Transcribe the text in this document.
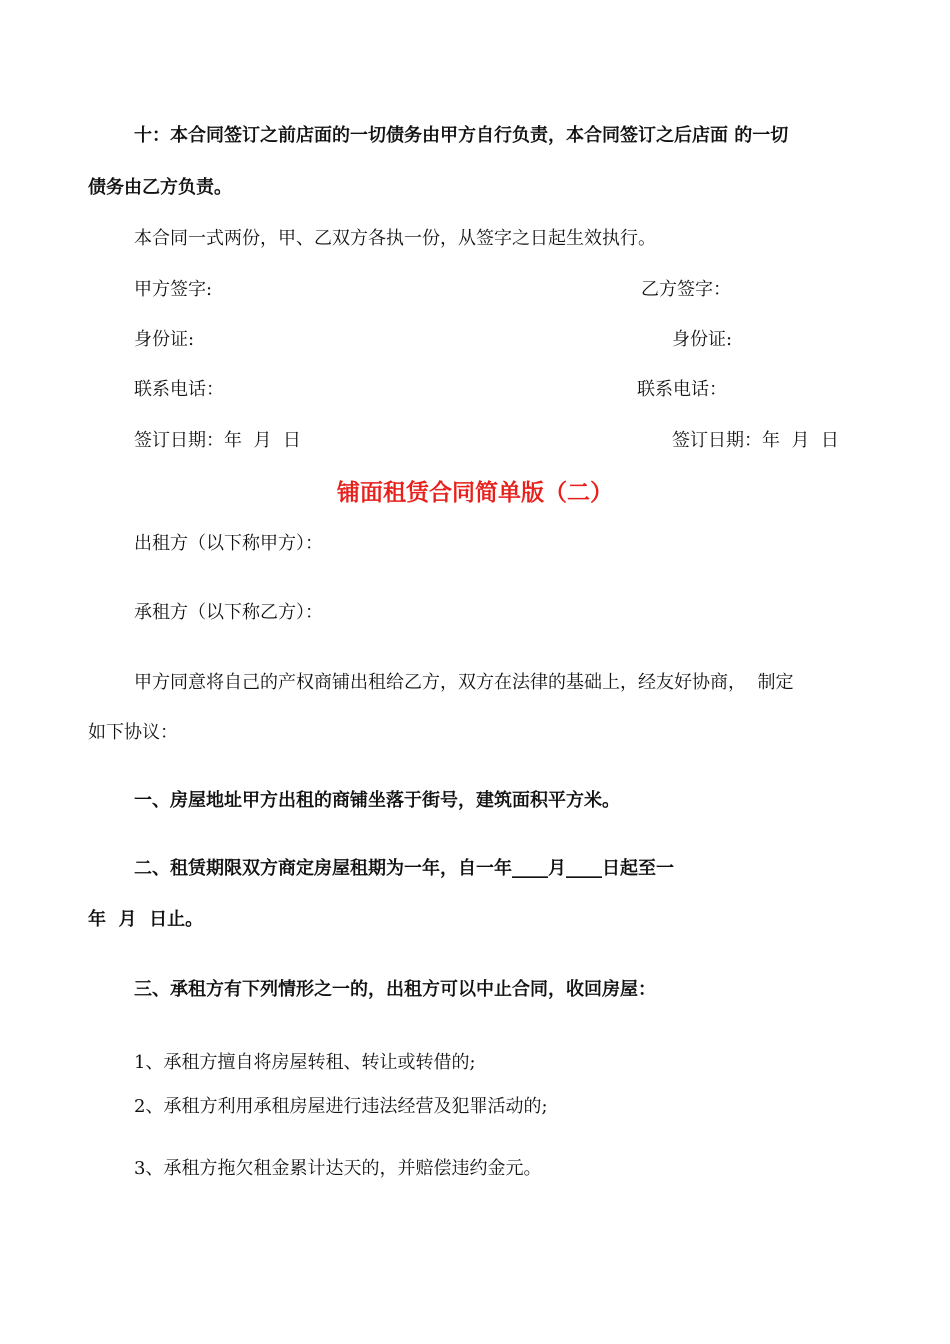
十：本合同签订之前店面的一切债务由甲方自行负责，本合同签订之后店面 的一切
债务由乙方负责。
本合同一式两份，甲、乙双方各执一份，从签字之日起生效执行。
甲方签字:	乙方签字：
身份证:	身份证:
联系电话：	联系电话：
签订日期：年  月  日	签订日期：年  月  日
铺面租赁合同简单版（二）
出租方（以下称甲方）：
承租方（以下称乙方）：
甲方同意将自己的产权商铺出租给乙方，双方在法律的基础上，经友好协商，  制定
如下协议：
一、房屋地址甲方出租的商铺坐落于街号，建筑面积平方米。
二、租赁期限双方商定房屋租期为一年，自一年____月____日起至一
年  月  日止。
三、承租方有下列情形之一的，出租方可以中止合同，收回房屋：
1、承租方擅自将房屋转租、转让或转借的;
2、承租方利用承租房屋进行违法经营及犯罪活动的;
3、承租方拖欠租金累计达天的，并赔偿违约金元。
